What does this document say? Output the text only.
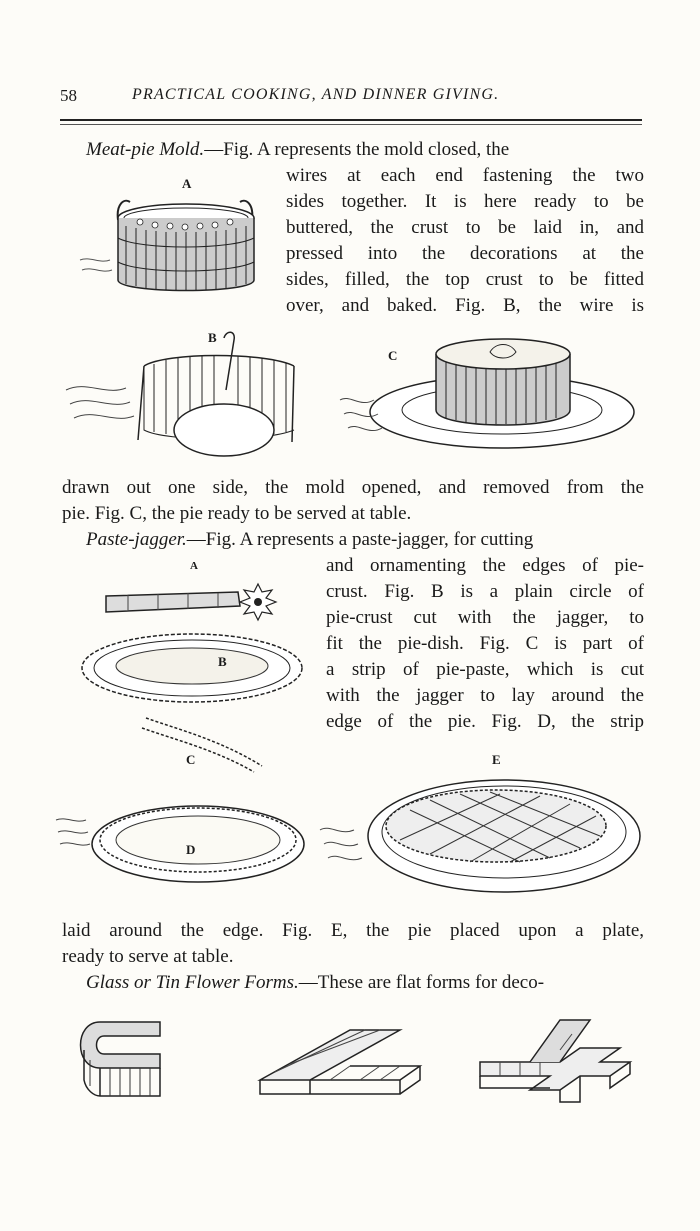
58	PRACTICAL COOKING, AND DINNER GIVING.
Meat-pie Mold.—Fig. A represents the mold closed, the
wires at each end fastening the two
sides together. It is here ready to be
buttered, the crust to be laid in, and
pressed into the decorations at the
sides, filled, the top crust to be fitted
over, and baked. Fig. B, the wire is
A
B
C
drawn out one side, the mold opened, and removed from the
pie. Fig. C, the pie ready to be served at table.
Paste-jagger.—Fig. A represents a paste-jagger, for cutting
and ornamenting the edges of pie-
crust. Fig. B is a plain circle of
pie-crust cut with the jagger, to
fit the pie-dish. Fig. C is part of
a strip of pie-paste, which is cut
with the jagger to lay around the
edge of the pie. Fig. D, the strip
A
B
C
D
E
laid around the edge. Fig. E, the pie placed upon a plate,
ready to serve at table.
Glass or Tin Flower Forms.—These are flat forms for deco-
